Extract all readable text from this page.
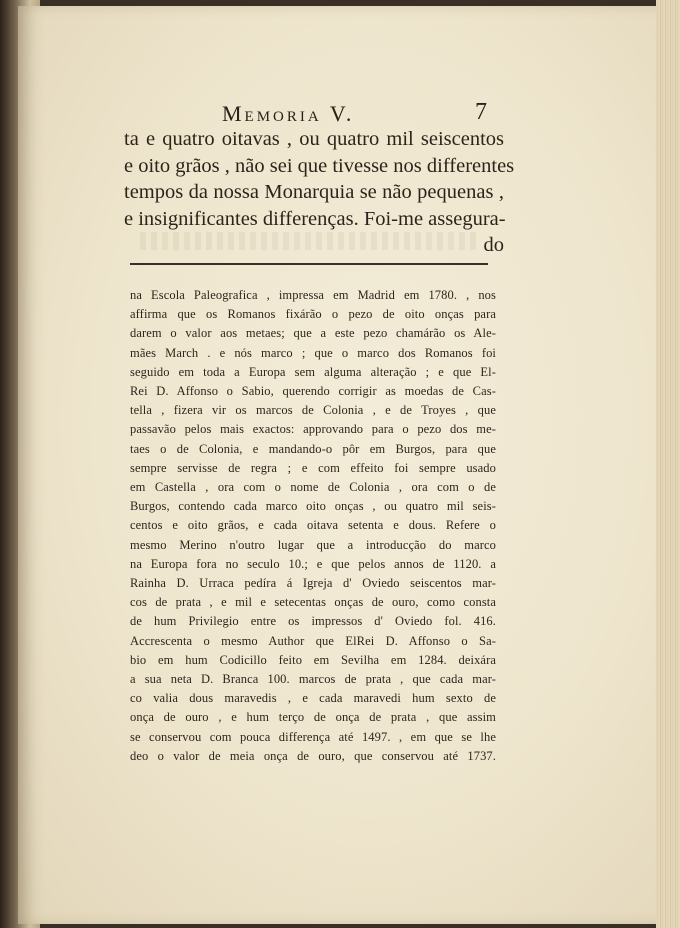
Memoria V.	7
ta e quatro oitavas , ou quatro mil seiscentos
e oito grãos , não sei que tivesse nos differentes
tempos da nossa Monarquia se não pequenas ,
e insignificantes differenças. Foi-me assegura-
do
na Escola Paleografica , impressa em Madrid em 1780. , nos
affirma que os Romanos fixárão o pezo de oito onças para
darem o valor aos metaes; que a este pezo chamárão os Ale-
mães March . e nós marco ; que o marco dos Romanos foi
seguido em toda a Europa sem alguma alteração ; e que El-
Rei D. Affonso o Sabio, querendo corrigir as moedas de Cas-
tella , fizera vir os marcos de Colonia , e de Troyes , que
passavão pelos mais exactos: approvando para o pezo dos me-
taes o de Colonia, e mandando-o pôr em Burgos, para que
sempre servisse de regra ; e com effeito foi sempre usado
em Castella , ora com o nome de Colonia , ora com o de
Burgos, contendo cada marco oito onças , ou quatro mil seis-
centos e oito grãos, e cada oitava setenta e dous. Refere o
mesmo Merino n'outro lugar que a introducção do marco
na Europa fora no seculo 10.; e que pelos annos de 1120. a
Rainha D. Urraca pedíra á Igreja d' Oviedo seiscentos mar-
cos de prata , e mil e setecentas onças de ouro, como consta
de hum Privilegio entre os impressos d' Oviedo fol. 416.
Accrescenta o mesmo Author que ElRei D. Affonso o Sa-
bio em hum Codicillo feito em Sevilha em 1284. deixára
a sua neta D. Branca 100. marcos de prata , que cada mar-
co valia dous maravedis , e cada maravedi hum sexto de
onça de ouro , e hum terço de onça de prata , que assim
se conservou com pouca differença até 1497. , em que se lhe
deo o valor de meia onça de ouro, que conservou até 1737.
